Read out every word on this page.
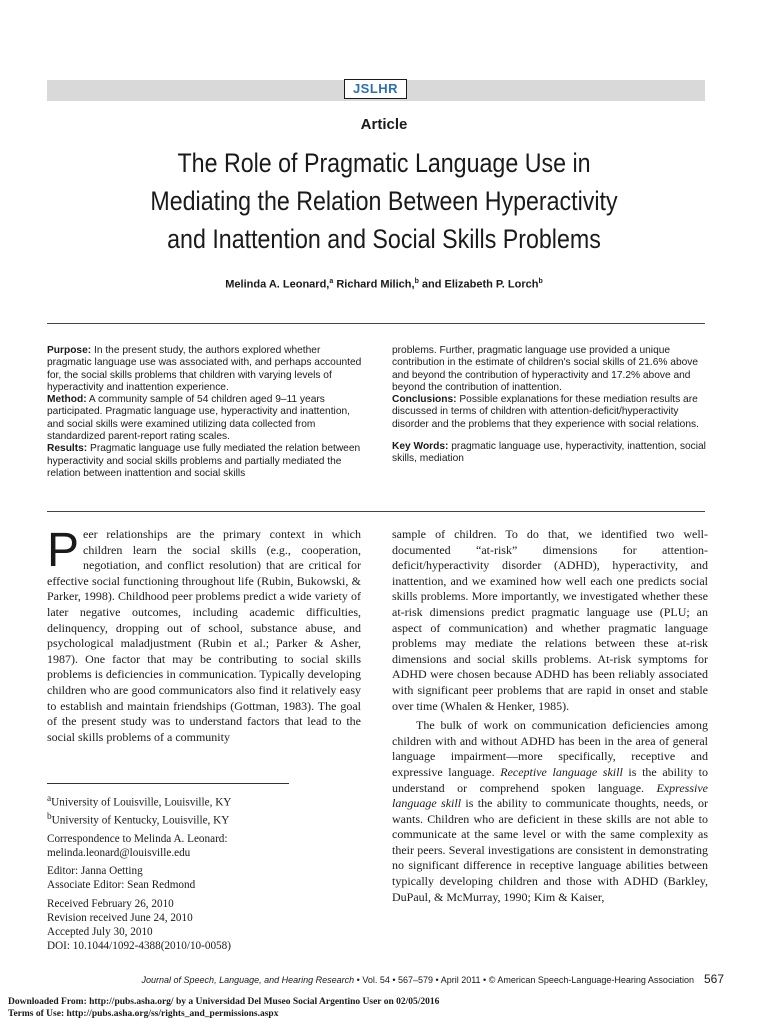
JSLHR
Article
The Role of Pragmatic Language Use in
Mediating the Relation Between Hyperactivity
and Inattention and Social Skills Problems
Melinda A. Leonard,$^a$ Richard Milich,$^b$ and Elizabeth P. Lorch$^b$
Purpose: In the present study, the authors explored whether pragmatic language use was associated with, and perhaps accounted for, the social skills problems that children with varying levels of hyperactivity and inattention experience.
Method: A community sample of 54 children aged 9–11 years participated. Pragmatic language use, hyperactivity and inattention, and social skills were examined utilizing data collected from standardized parent-report rating scales.
Results: Pragmatic language use fully mediated the relation between hyperactivity and social skills problems and partially mediated the relation between inattention and social skills
problems. Further, pragmatic language use provided a unique contribution in the estimate of children's social skills of 21.6% above and beyond the contribution of hyperactivity and 17.2% above and beyond the contribution of inattention.
Conclusions: Possible explanations for these mediation results are discussed in terms of children with attention-deficit/hyperactivity disorder and the problems that they experience with social relations.
Key Words: pragmatic language use, hyperactivity, inattention, social skills, mediation
Peer relationships are the primary context in which children learn the social skills (e.g., cooperation, negotiation, and conflict resolution) that are critical for effective social functioning throughout life (Rubin, Bukowski, & Parker, 1998). Childhood peer problems predict a wide variety of later negative outcomes, including academic difficulties, delinquency, dropping out of school, substance abuse, and psychological maladjustment (Rubin et al.; Parker & Asher, 1987). One factor that may be contributing to social skills problems is deficiencies in communication. Typically developing children who are good communicators also find it relatively easy to establish and maintain friendships (Gottman, 1983). The goal of the present study was to understand factors that lead to the social skills problems of a community
$^a$University of Louisville, Louisville, KY
$^b$University of Kentucky, Louisville, KY
Correspondence to Melinda A. Leonard:
melinda.leonard@louisville.edu
Editor: Janna Oetting
Associate Editor: Sean Redmond
Received February 26, 2010
Revision received June 24, 2010
Accepted July 30, 2010
DOI: 10.1044/1092-4388(2010/10-0058)

sample of children. To do that, we identified two well-documented “at-risk” dimensions for attention-deficit/hyperactivity disorder (ADHD), hyperactivity, and inattention, and we examined how well each one predicts social skills problems. More importantly, we investigated whether these at-risk dimensions predict pragmatic language use (PLU; an aspect of communication) and whether pragmatic language problems may mediate the relations between these at-risk dimensions and social skills problems. At-risk symptoms for ADHD were chosen because ADHD has been reliably associated with significant peer problems that are rapid in onset and stable over time (Whalen & Henker, 1985).

The bulk of work on communication deficiencies among children with and without ADHD has been in the area of general language impairment—more specifically, receptive and expressive language. Receptive language skill is the ability to understand or comprehend spoken language. Expressive language skill is the ability to communicate thoughts, needs, or wants. Children who are deficient in these skills are not able to communicate at the same level or with the same complexity as their peers. Several investigations are consistent in demonstrating no significant difference in receptive language abilities between typically developing children and those with ADHD (Barkley, DuPaul, & McMurray, 1990; Kim & Kaiser,

Journal of Speech, Language, and Hearing Research • Vol. 54 • 567–579 • April 2011 • © American Speech-Language-Hearing Association 567
Downloaded From: http://pubs.asha.org/ by a Universidad Del Museo Social Argentino User on 02/05/2016
Terms of Use: http://pubs.asha.org/ss/rights_and_permissions.aspx
